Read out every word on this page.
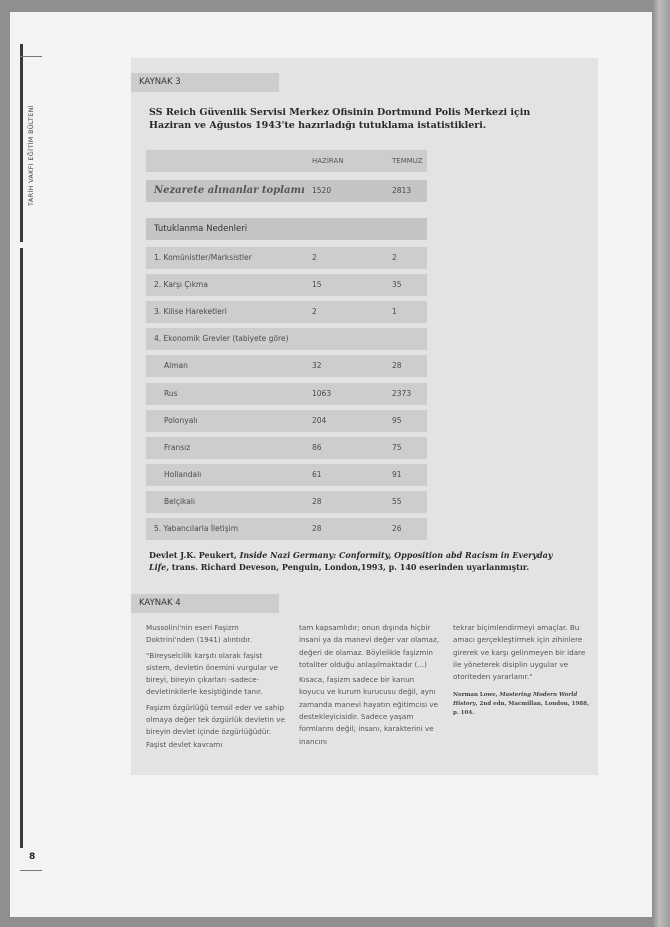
TARİH VAKFI EĞİTİM BÜLTENİ
8
KAYNAK 3
SS Reich Güvenlik Servisi Merkez Ofisinin Dortmund Polis Merkezi için Haziran ve Ağustos 1943'te hazırladığı tutuklama istatistikleri.
HAZİRAN	TEMMUZ
Nezarete alınanlar toplamı 1520	2813
Tutuklanma Nedenleri
1. Komünistler/Marksistler	2	2
2. Karşı Çıkma	15	35
3. Kilise Hareketleri	2	1
4. Ekonomik Grevler (tabiyete göre)
Alman	32	28
Rus	1063	2373
Polonyalı	204	95
Fransız	86	75
Hollandalı	61	91
Belçikalı	28	55
5. Yabancılarla İletişim	28	26
Devlet J.K. Peukert, Inside Nazi Germany: Conformity, Opposition abd Racism in Everyday Life, trans. Richard Deveson, Penguin, London,1993, p. 140 eserinden uyarlanmıştır.
KAYNAK 4

Mussolini'nin eseri Faşizm Doktrini'nden (1941) alıntıdır.

"Bireyselcilik karşıtı olarak faşist sistem, devletin önemini vurgular ve bireyi, bireyin çıkarları -sadece- devletinkilerle kesiştiğinde tanır.

Faşizm özgürlüğü temsil eder ve sahip olmaya değer tek özgürlük devletin ve bireyin devlet içinde özgürlüğüdür. Faşist devlet kavramı

tam kapsamlıdır; onun dışında hiçbir insani ya da manevi değer var olamaz, değeri de olamaz. Böylelikle faşizmin totaliter olduğu anlaşılmaktadır (...)

Kısaca, faşizm sadece bir kanun koyucu ve kurum kurucusu değil, aynı zamanda manevi hayatın eğitimcisi ve destekleyicisidir. Sadece yaşam formlarını değil; insanı, karakterini ve inancını

tekrar biçimlendirmeyi amaçlar. Bu amacı gerçekleştirmek için zihinlere girerek ve karşı gelinmeyen bir idare ile yöneterek disiplin uygular ve otoriteden yararlanır."

Norman Lowe, Mastering Modern World History, 2nd edn, Macmillan, London, 1988, p. 104.
